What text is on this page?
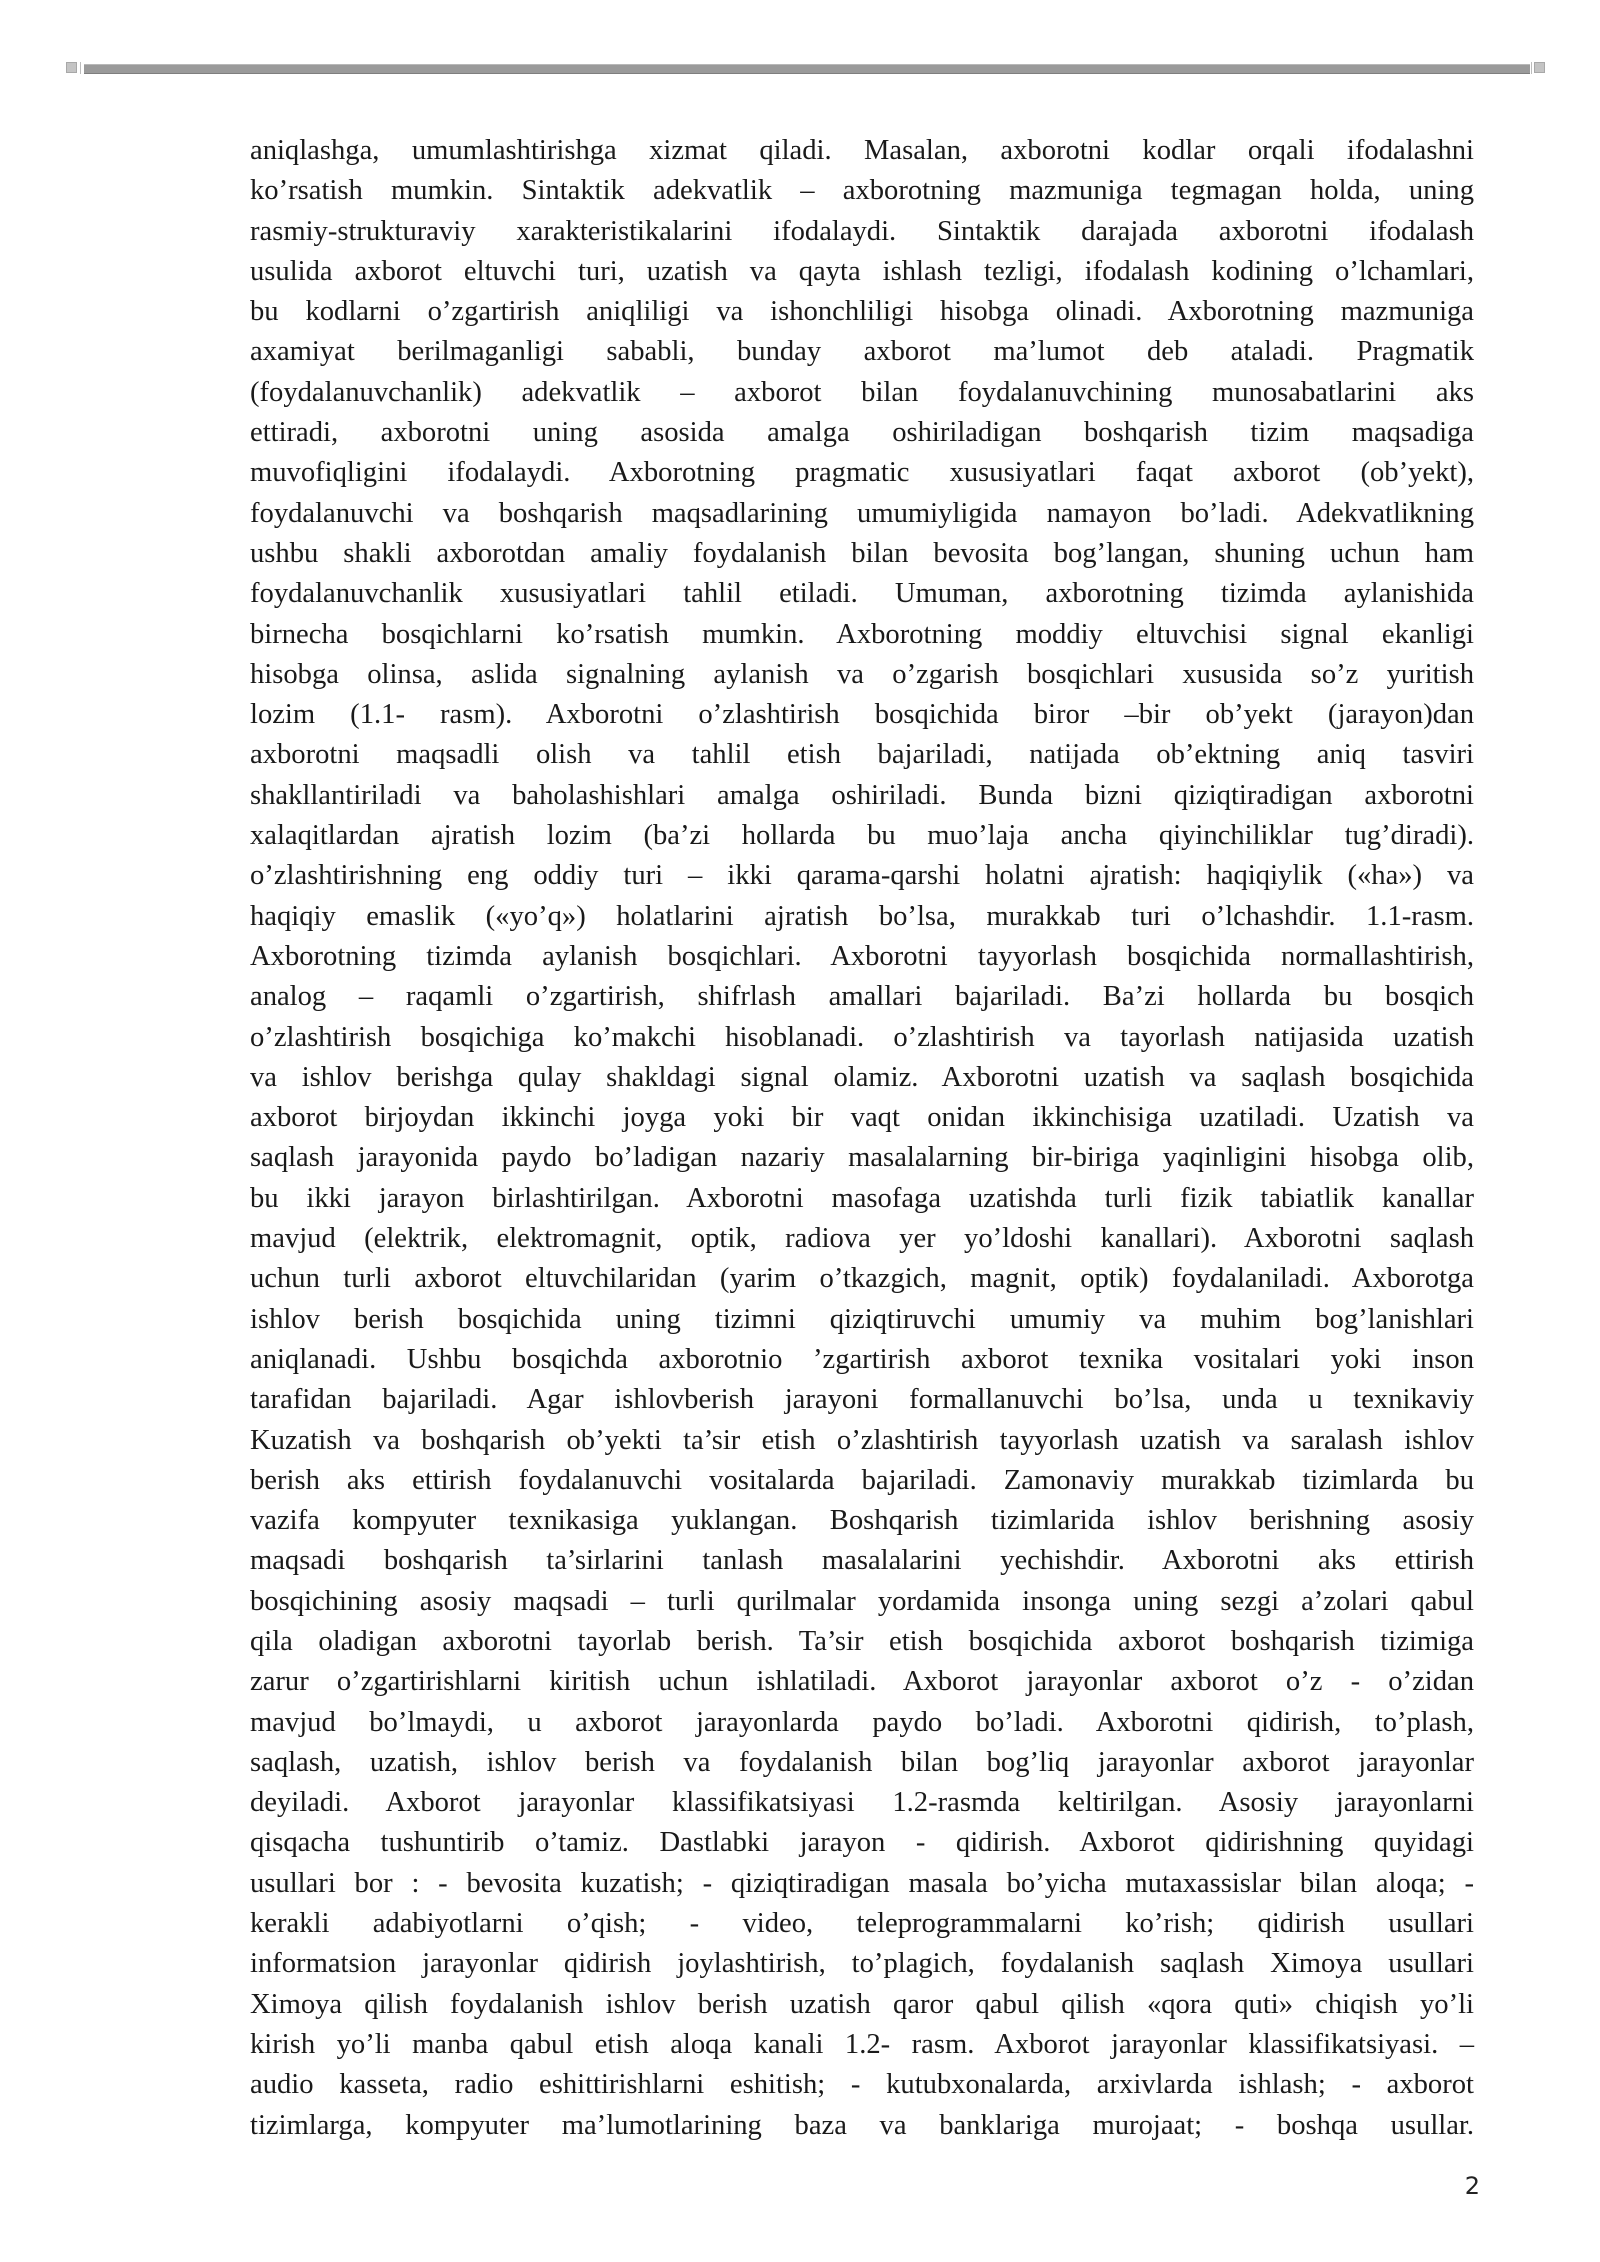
aniqlashga, umumlashtirishga xizmat qiladi. Masalan, axborotni kodlar orqali ifodalashni
ko’rsatish mumkin. Sintaktik adekvatlik – axborotning mazmuniga tegmagan holda, uning
rasmiy-strukturaviy xarakteristikalarini ifodalaydi. Sintaktik darajada axborotni ifodalash
usulida axborot eltuvchi turi, uzatish va qayta ishlash tezligi, ifodalash kodining o’lchamlari,
bu kodlarni o’zgartirish aniqliligi va ishonchliligi hisobga olinadi. Axborotning mazmuniga
axamiyat berilmaganligi sababli, bunday axborot ma’lumot deb ataladi. Pragmatik
(foydalanuvchanlik) adekvatlik – axborot bilan foydalanuvchining munosabatlarini aks
ettiradi, axborotni uning asosida amalga oshiriladigan boshqarish tizim maqsadiga
muvofiqligini ifodalaydi. Axborotning pragmatic xususiyatlari faqat axborot (ob’yekt),
foydalanuvchi va boshqarish maqsadlarining umumiyligida namayon bo’ladi. Adekvatlikning
ushbu shakli axborotdan amaliy foydalanish bilan bevosita bog’langan, shuning uchun ham
foydalanuvchanlik xususiyatlari tahlil etiladi. Umuman, axborotning tizimda aylanishida
birnecha bosqichlarni ko’rsatish mumkin. Axborotning moddiy eltuvchisi signal ekanligi
hisobga olinsa, aslida signalning aylanish va o’zgarish bosqichlari xususida so’z yuritish
lozim (1.1- rasm). Axborotni o’zlashtirish bosqichida biror –bir ob’yekt (jarayon)dan
axborotni maqsadli olish va tahlil etish bajariladi, natijada ob’ektning aniq tasviri
shakllantiriladi va baholashishlari amalga oshiriladi. Bunda bizni qiziqtiradigan axborotni
xalaqitlardan ajratish lozim (ba’zi hollarda bu muo’laja ancha qiyinchiliklar tug’diradi).
o’zlashtirishning eng oddiy turi – ikki qarama-qarshi holatni ajratish: haqiqiylik («ha») va
haqiqiy emaslik («yo’q») holatlarini ajratish bo’lsa, murakkab turi o’lchashdir. 1.1-rasm.
Axborotning tizimda aylanish bosqichlari. Axborotni tayyorlash bosqichida normallashtirish,
analog – raqamli o’zgartirish, shifrlash amallari bajariladi. Ba’zi hollarda bu bosqich
o’zlashtirish bosqichiga ko’makchi hisoblanadi. o’zlashtirish va tayorlash natijasida uzatish
va ishlov berishga qulay shakldagi signal olamiz. Axborotni uzatish va saqlash bosqichida
axborot birjoydan ikkinchi joyga yoki bir vaqt onidan ikkinchisiga uzatiladi. Uzatish va
saqlash jarayonida paydo bo’ladigan nazariy masalalarning bir-biriga yaqinligini hisobga olib,
bu ikki jarayon birlashtirilgan. Axborotni masofaga uzatishda turli fizik tabiatlik kanallar
mavjud (elektrik, elektromagnit, optik, radiova yer yo’ldoshi kanallari). Axborotni saqlash
uchun turli axborot eltuvchilaridan (yarim o’tkazgich, magnit, optik) foydalaniladi. Axborotga
ishlov berish bosqichida uning tizimni qiziqtiruvchi umumiy va muhim bog’lanishlari
aniqlanadi. Ushbu bosqichda axborotnio ’zgartirish axborot texnika vositalari yoki inson
tarafidan bajariladi. Agar ishlovberish jarayoni formallanuvchi bo’lsa, unda u texnikaviy
Kuzatish va boshqarish ob’yekti ta’sir etish o’zlashtirish tayyorlash uzatish va saralash ishlov
berish aks ettirish foydalanuvchi vositalarda bajariladi. Zamonaviy murakkab tizimlarda bu
vazifa kompyuter texnikasiga yuklangan. Boshqarish tizimlarida ishlov berishning asosiy
maqsadi boshqarish ta’sirlarini tanlash masalalarini yechishdir. Axborotni aks ettirish
bosqichining asosiy maqsadi – turli qurilmalar yordamida insonga uning sezgi a’zolari qabul
qila oladigan axborotni tayorlab berish. Ta’sir etish bosqichida axborot boshqarish tizimiga
zarur o’zgartirishlarni kiritish uchun ishlatiladi. Axborot jarayonlar axborot o’z - o’zidan
mavjud bo’lmaydi, u axborot jarayonlarda paydo bo’ladi. Axborotni qidirish, to’plash,
saqlash, uzatish, ishlov berish va foydalanish bilan bog’liq jarayonlar axborot jarayonlar
deyiladi. Axborot jarayonlar klassifikatsiyasi 1.2-rasmda keltirilgan. Asosiy jarayonlarni
qisqacha tushuntirib o’tamiz. Dastlabki jarayon - qidirish. Axborot qidirishning quyidagi
usullari bor : - bevosita kuzatish; - qiziqtiradigan masala bo’yicha mutaxassislar bilan aloqa; -
kerakli adabiyotlarni o’qish; - video, teleprogrammalarni ko’rish; qidirish usullari
informatsion jarayonlar qidirish joylashtirish, to’plagich, foydalanish saqlash Ximoya usullari
Ximoya qilish foydalanish ishlov berish uzatish qaror qabul qilish «qora quti» chiqish yo’li
kirish yo’li manba qabul etish aloqa kanali 1.2- rasm. Axborot jarayonlar klassifikatsiyasi. –
audio kasseta, radio eshittirishlarni eshitish; - kutubxonalarda, arxivlarda ishlash; - axborot
tizimlarga, kompyuter ma’lumotlarining baza va banklariga murojaat; - boshqa usullar.
2
